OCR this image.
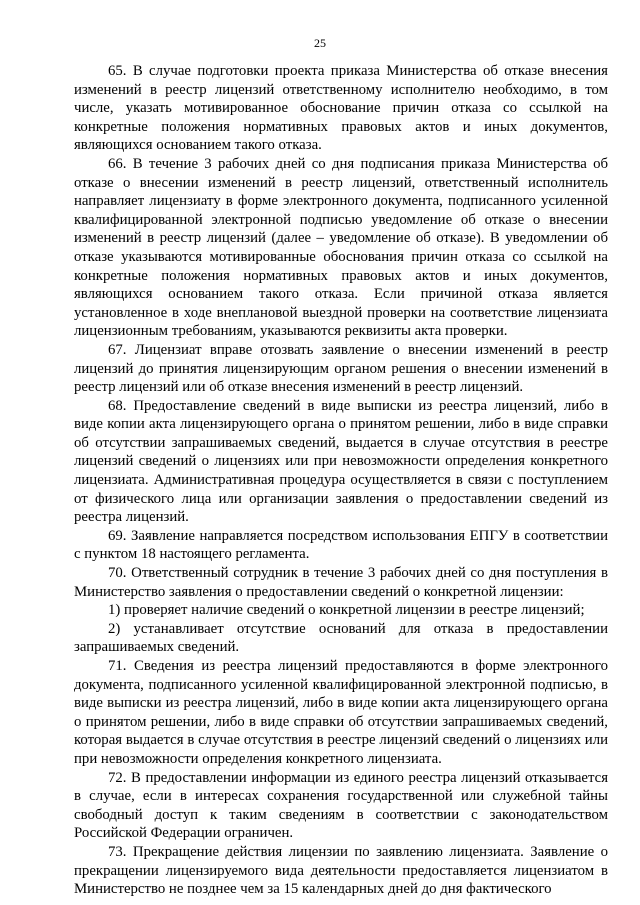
25

65. В случае подготовки проекта приказа Министерства об отказе внесения изменений в реестр лицензий ответственному исполнителю необходимо, в том числе, указать мотивированное обоснование причин отказа со ссылкой на конкретные положения нормативных правовых актов и иных документов, являющихся основанием такого отказа.

66. В течение 3 рабочих дней со дня подписания приказа Министерства об отказе о внесении изменений в реестр лицензий, ответственный исполнитель направляет лицензиату в форме электронного документа, подписанного усиленной квалифицированной электронной подписью уведомление об отказе о внесении изменений в реестр лицензий (далее – уведомление об отказе). В уведомлении об отказе указываются мотивированные обоснования причин отказа со ссылкой на конкретные положения нормативных правовых актов и иных документов, являющихся основанием такого отказа. Если причиной отказа является установленное в ходе внеплановой выездной проверки на соответствие лицензиата лицензионным требованиям, указываются реквизиты акта проверки.

67. Лицензиат вправе отозвать заявление о внесении изменений в реестр лицензий до принятия лицензирующим органом решения о внесении изменений в реестр лицензий или об отказе внесения изменений в реестр лицензий.

68. Предоставление сведений в виде выписки из реестра лицензий, либо в виде копии акта лицензирующего органа о принятом решении, либо в виде справки об отсутствии запрашиваемых сведений, выдается в случае отсутствия в реестре лицензий сведений о лицензиях или при невозможности определения конкретного лицензиата. Административная процедура осуществляется в связи с поступлением от физического лица или организации заявления о предоставлении сведений из реестра лицензий.

69. Заявление направляется посредством использования ЕПГУ в соответствии с пунктом 18 настоящего регламента.

70. Ответственный сотрудник в течение 3 рабочих дней со дня поступления в Министерство заявления о предоставлении сведений о конкретной лицензии:

1) проверяет наличие сведений о конкретной лицензии в реестре лицензий;

2) устанавливает отсутствие оснований для отказа в предоставлении запрашиваемых сведений.

71. Сведения из реестра лицензий предоставляются в форме электронного документа, подписанного усиленной квалифицированной электронной подписью, в виде выписки из реестра лицензий, либо в виде копии акта лицензирующего органа о принятом решении, либо в виде справки об отсутствии запрашиваемых сведений, которая выдается в случае отсутствия в реестре лицензий сведений о лицензиях или при невозможности определения конкретного лицензиата.

72. В предоставлении информации из единого реестра лицензий отказывается в случае, если в интересах сохранения государственной или служебной тайны свободный доступ к таким сведениям в соответствии с законодательством Российской Федерации ограничен.

73. Прекращение действия лицензии по заявлению лицензиата. Заявление о прекращении лицензируемого вида деятельности предоставляется лицензиатом в Министерство не позднее чем за 15 календарных дней до дня фактического
